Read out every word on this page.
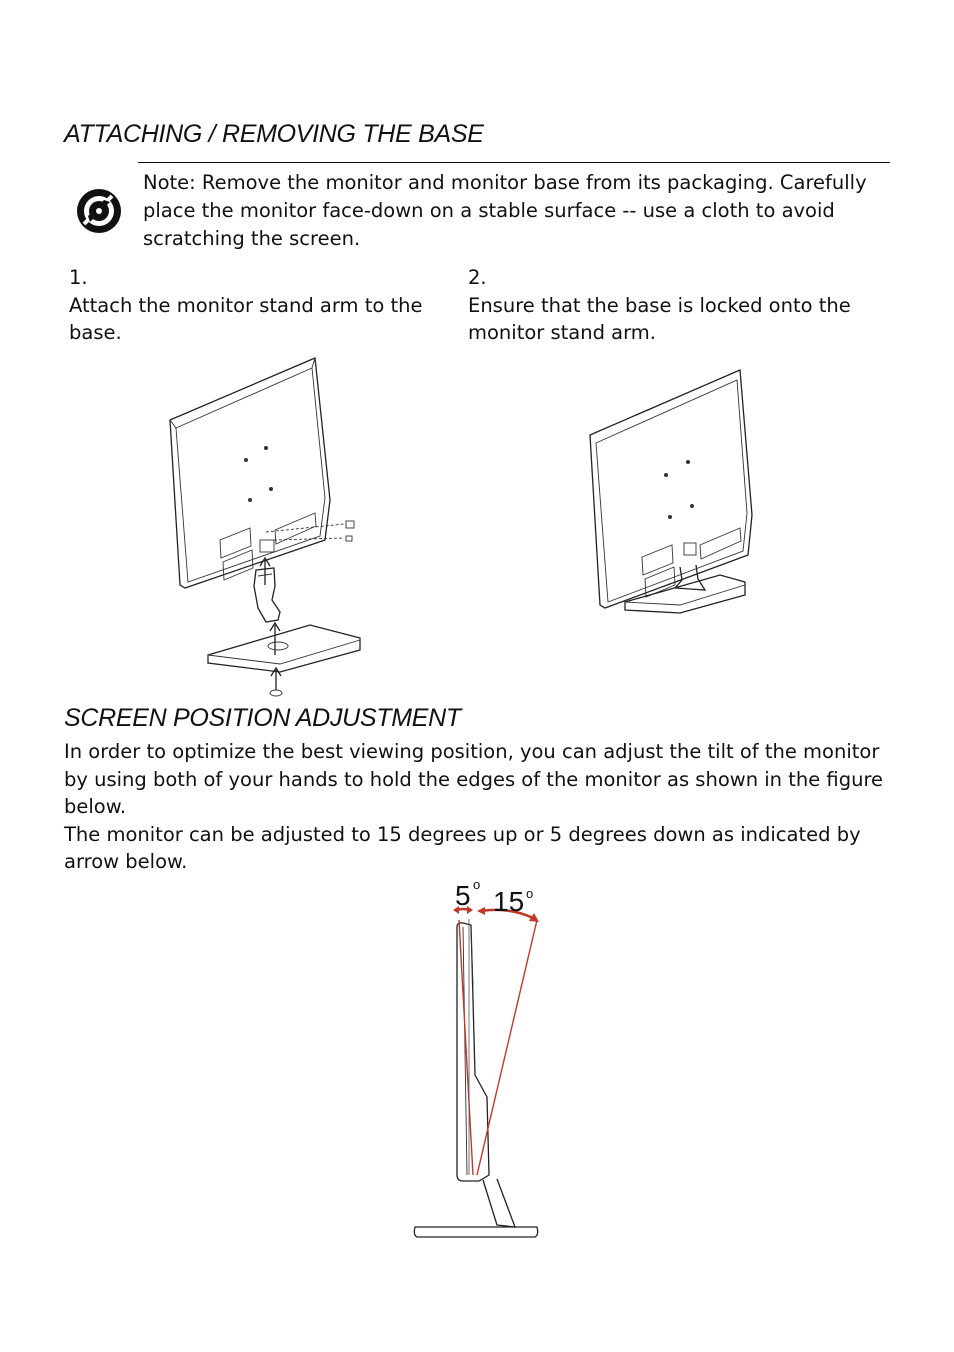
ATTACHING / REMOVING THE BASE
Note: Remove the monitor and monitor base from its packaging. Carefully place the monitor face-down on a stable surface -- use a cloth to avoid scratching the screen.
1.
Attach the monitor stand arm to the base.
2.
Ensure that the base is locked onto the monitor stand arm.
SCREEN POSITION ADJUSTMENT

In order to optimize the best viewing position, you can adjust the tilt of the monitor by using both of your hands to hold the edges of the monitor as shown in the figure below.

The monitor can be adjusted to 15 degrees up or 5 degrees down as indicated by arrow below.

5 o
15 o
